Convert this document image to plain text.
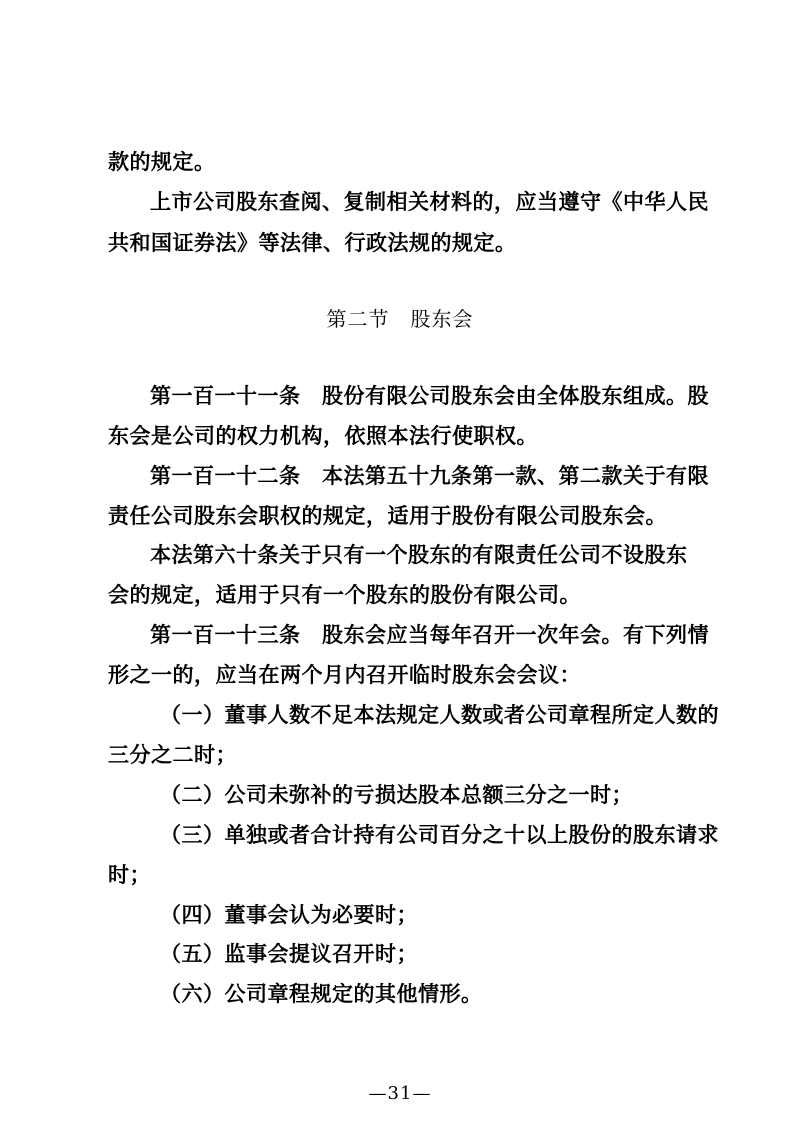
款的规定。
上市公司股东查阅、复制相关材料的，应当遵守《中华人民
共和国证券法》等法律、行政法规的规定。
第二节　股东会
第一百一十一条　股份有限公司股东会由全体股东组成。股
东会是公司的权力机构，依照本法行使职权。
第一百一十二条　本法第五十九条第一款、第二款关于有限
责任公司股东会职权的规定，适用于股份有限公司股东会。
本法第六十条关于只有一个股东的有限责任公司不设股东
会的规定，适用于只有一个股东的股份有限公司。
第一百一十三条　股东会应当每年召开一次年会。有下列情
形之一的，应当在两个月内召开临时股东会会议：
（一）董事人数不足本法规定人数或者公司章程所定人数的
三分之二时；
（二）公司未弥补的亏损达股本总额三分之一时；
（三）单独或者合计持有公司百分之十以上股份的股东请求
时；
（四）董事会认为必要时；
（五）监事会提议召开时；
（六）公司章程规定的其他情形。
—31—
